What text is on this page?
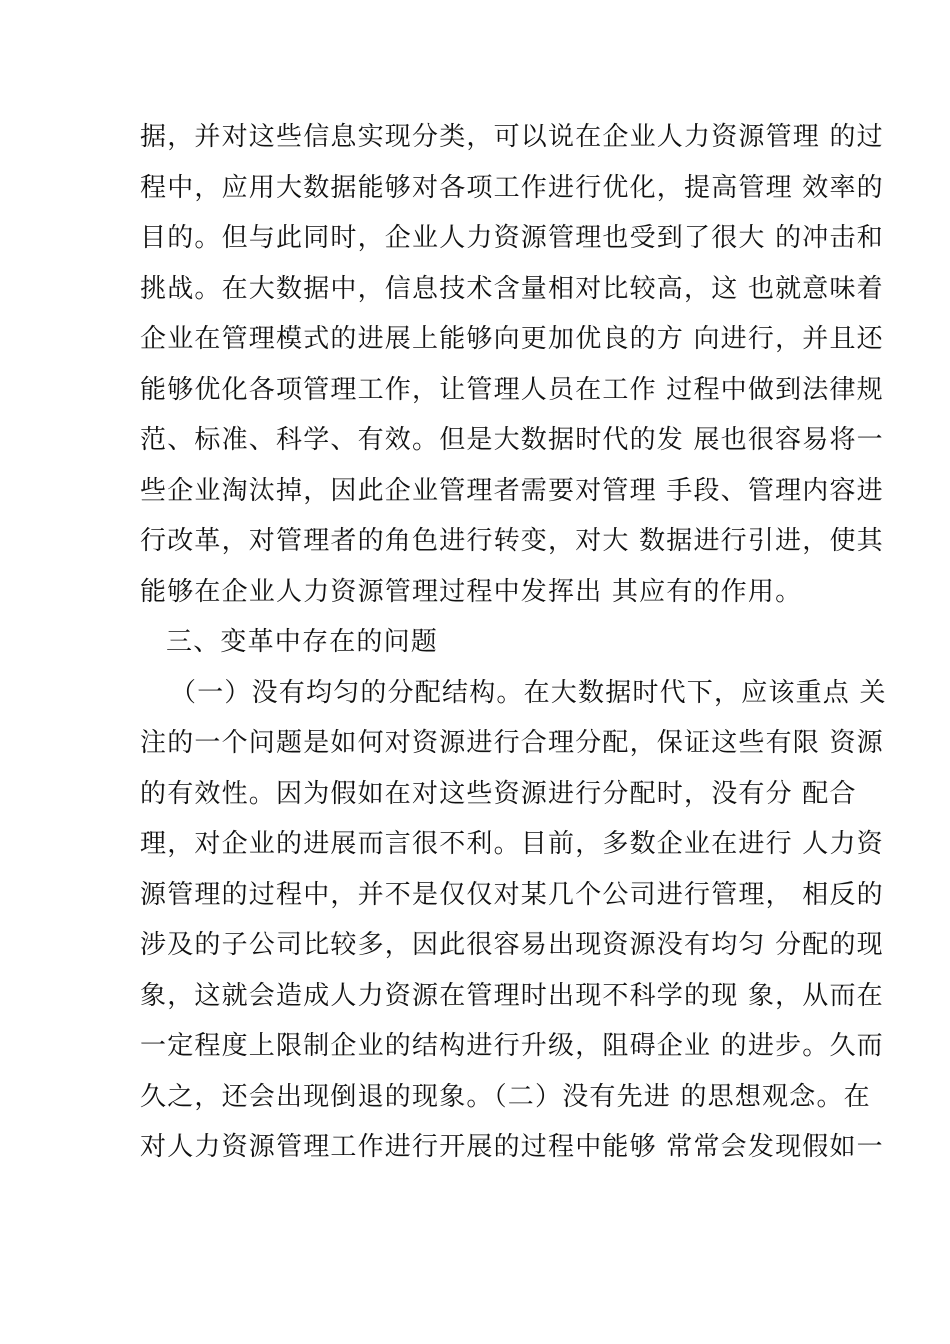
据，并对这些信息实现分类，可以说在企业人力资源管理 的过
程中，应用大数据能够对各项工作进行优化，提高管理 效率的
目的。但与此同时，企业人力资源管理也受到了很大 的冲击和
挑战。在大数据中，信息技术含量相对比较高，这 也就意味着
企业在管理模式的进展上能够向更加优良的方 向进行，并且还
能够优化各项管理工作，让管理人员在工作 过程中做到法律规
范、标准、科学、有效。但是大数据时代的发 展也很容易将一
些企业淘汰掉，因此企业管理者需要对管理 手段、管理内容进
行改革，对管理者的角色进行转变，对大 数据进行引进，使其
能够在企业人力资源管理过程中发挥出 其应有的作用。
三、变革中存在的问题
（一）没有均匀的分配结构。在大数据时代下，应该重点 关
注的一个问题是如何对资源进行合理分配，保证这些有限 资源
的有效性。因为假如在对这些资源进行分配时，没有分 配合
理，对企业的进展而言很不利。目前，多数企业在进行 人力资
源管理的过程中，并不是仅仅对某几个公司进行管理， 相反的
涉及的子公司比较多，因此很容易出现资源没有均匀 分配的现
象，这就会造成人力资源在管理时出现不科学的现 象，从而在
一定程度上限制企业的结构进行升级，阻碍企业 的进步。久而
久之，还会出现倒退的现象。（二）没有先进 的思想观念。在
对人力资源管理工作进行开展的过程中能够 常常会发现假如一
